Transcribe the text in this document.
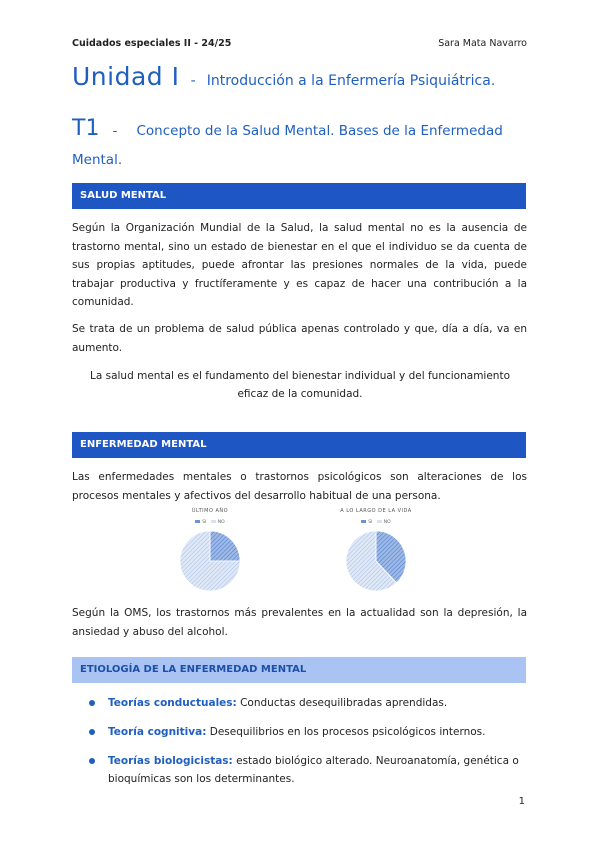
Cuidados especiales II - 24/25	Sara Mata Navarro
Unidad I - Introducción a la Enfermería Psiquiátrica.
T1 - Concepto de la Salud Mental. Bases de la Enfermedad Mental.
SALUD MENTAL
Según la Organización Mundial de la Salud, la salud mental no es la ausencia de trastorno mental, sino un estado de bienestar en el que el individuo se da cuenta de sus propias aptitudes, puede afrontar las presiones normales de la vida, puede trabajar productiva y fructíferamente y es capaz de hacer una contribución a la comunidad.
Se trata de un problema de salud pública apenas controlado y que, día a día, va en aumento.
La salud mental es el fundamento del bienestar individual y del funcionamiento eficaz de la comunidad.
ENFERMEDAD MENTAL
Las enfermedades mentales o trastornos psicológicos son alteraciones de los procesos mentales y afectivos del desarrollo habitual de una persona.
ÚLTIMO AÑO
SI	NO
A LO LARGO DE LA VIDA
SI	NO
Según la OMS, los trastornos más prevalentes en la actualidad son la depresión, la ansiedad y abuso del alcohol.
ETIOLOGÍA DE LA ENFERMEDAD MENTAL
Teorías conductuales: Conductas desequilibradas aprendidas.
Teoría cognitiva: Desequilibrios en los procesos psicológicos internos.
Teorías biologicistas: estado biológico alterado. Neuroanatomía, genética o bioquímicas son los determinantes.
1
